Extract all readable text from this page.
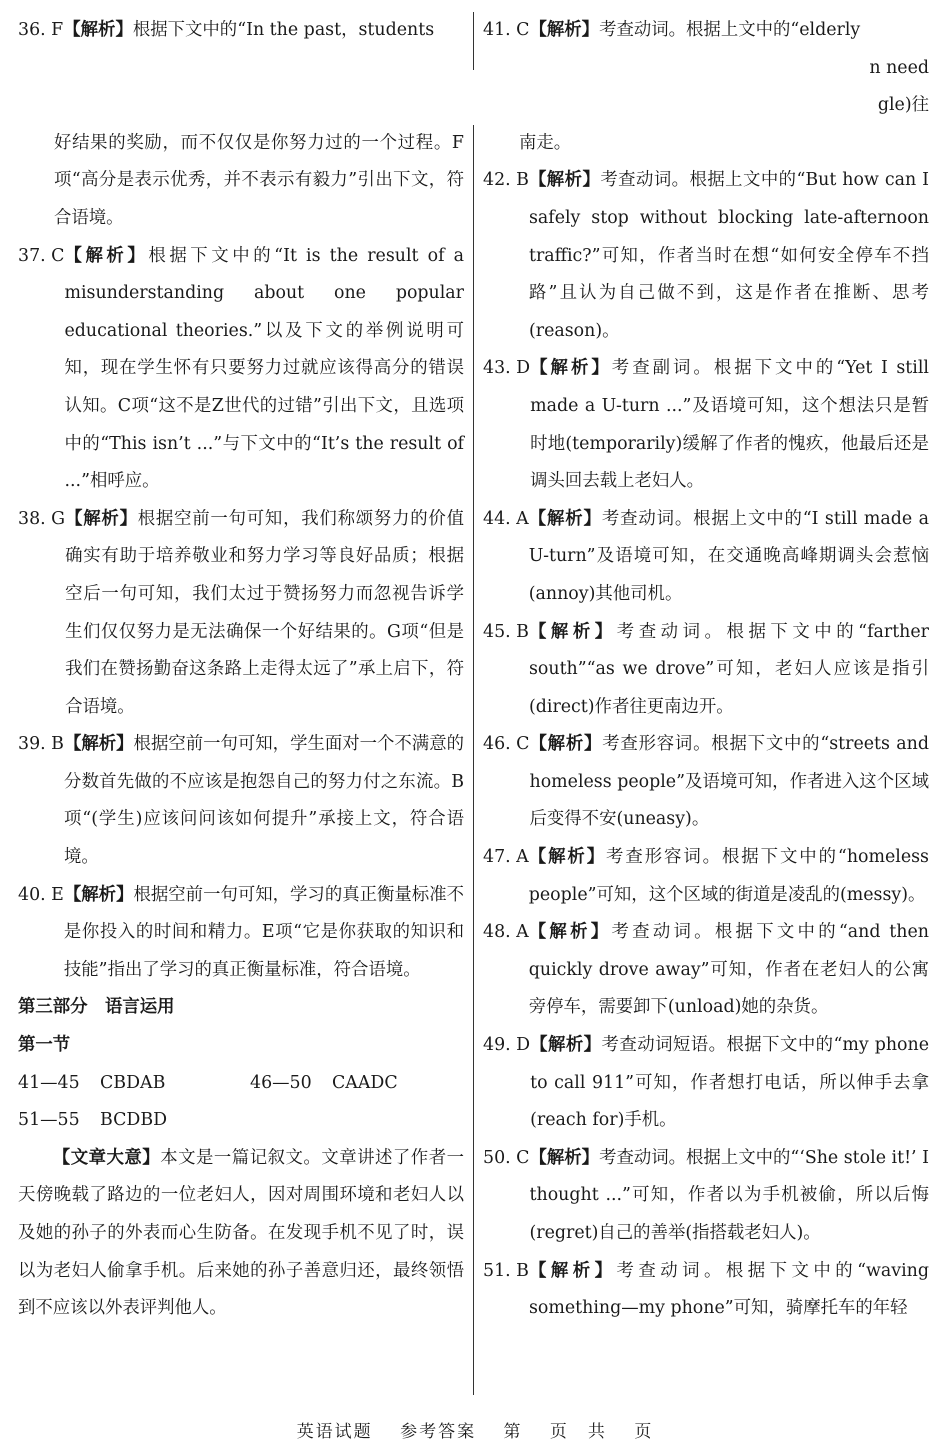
36. F 【解析】根据下文中的“In the past，students
好结果的奖励，而不仅仅是你努力过的一个过程。F项“高分是表示优秀，并不表示有毅力”引出下文，符合语境。
37. C 【解析】根据下文中的“It is the result of a misunderstanding about one popular educational theories.”以及下文的举例说明可知，现在学生怀有只要努力过就应该得高分的错误认知。C项“这不是Z世代的过错”引出下文，且选项中的“This isn’t ...”与下文中的“It’s the result of ...”相呼应。
38. G 【解析】根据空前一句可知，我们称颂努力的价值确实有助于培养敬业和努力学习等良好品质；根据空后一句可知，我们太过于赞扬努力而忽视告诉学生们仅仅努力是无法确保一个好结果的。G项“但是我们在赞扬勤奋这条路上走得太远了”承上启下，符合语境。
39. B 【解析】根据空前一句可知，学生面对一个不满意的分数首先做的不应该是抱怨自己的努力付之东流。B项“(学生)应该问问该如何提升”承接上文，符合语境。
40. E 【解析】根据空前一句可知，学习的真正衡量标准不是你投入的时间和精力。E项“它是你获取的知识和技能”指出了学习的真正衡量标准，符合语境。
第三部分　语言运用
第一节
41—45	CBDAB	46—50	CAADC
51—55	BCDBD
【文章大意】本文是一篇记叙文。文章讲述了作者一天傍晚载了路边的一位老妇人，因对周围环境和老妇人以及她的孙子的外表而心生防备。在发现手机不见了时，误以为老妇人偷拿手机。后来她的孙子善意归还，最终领悟到不应该以外表评判他人。
41. C 【解析】考查动词。根据上文中的“elderly
n need
gle)往
南走。
42. B 【解析】考查动词。根据上文中的“But how can I safely stop without blocking late-afternoon traffic?”可知，作者当时在想“如何安全停车不挡路”且认为自己做不到，这是作者在推断、思考(reason)。
43. D 【解析】考查副词。根据下文中的“Yet I still made a U-turn ...”及语境可知，这个想法只是暂时地(temporarily)缓解了作者的愧疚，他最后还是调头回去载上老妇人。
44. A 【解析】考查动词。根据上文中的“I still made a U-turn”及语境可知，在交通晚高峰期调头会惹恼(annoy)其他司机。
45. B 【解析】考查动词。根据下文中的“farther south”“as we drove”可知，老妇人应该是指引(direct)作者往更南边开。
46. C 【解析】考查形容词。根据下文中的“streets and homeless people”及语境可知，作者进入这个区域后变得不安(uneasy)。
47. A 【解析】考查形容词。根据下文中的“homeless people”可知，这个区域的街道是凌乱的(messy)。
48. A 【解析】考查动词。根据下文中的“and then quickly drove away”可知，作者在老妇人的公寓旁停车，需要卸下(unload)她的杂货。
49. D 【解析】考查动词短语。根据下文中的“my phone to call 911”可知，作者想打电话，所以伸手去拿(reach for)手机。
50. C 【解析】考查动词。根据上文中的“‘She stole it!’ I thought ...”可知，作者以为手机被偷，所以后悔(regret)自己的善举(指搭载老妇人)。
51. B 【解析】考查动词。根据下文中的“waving something—my phone”可知，骑摩托车的年轻
英语试题 参考答案 第 页　共 页
